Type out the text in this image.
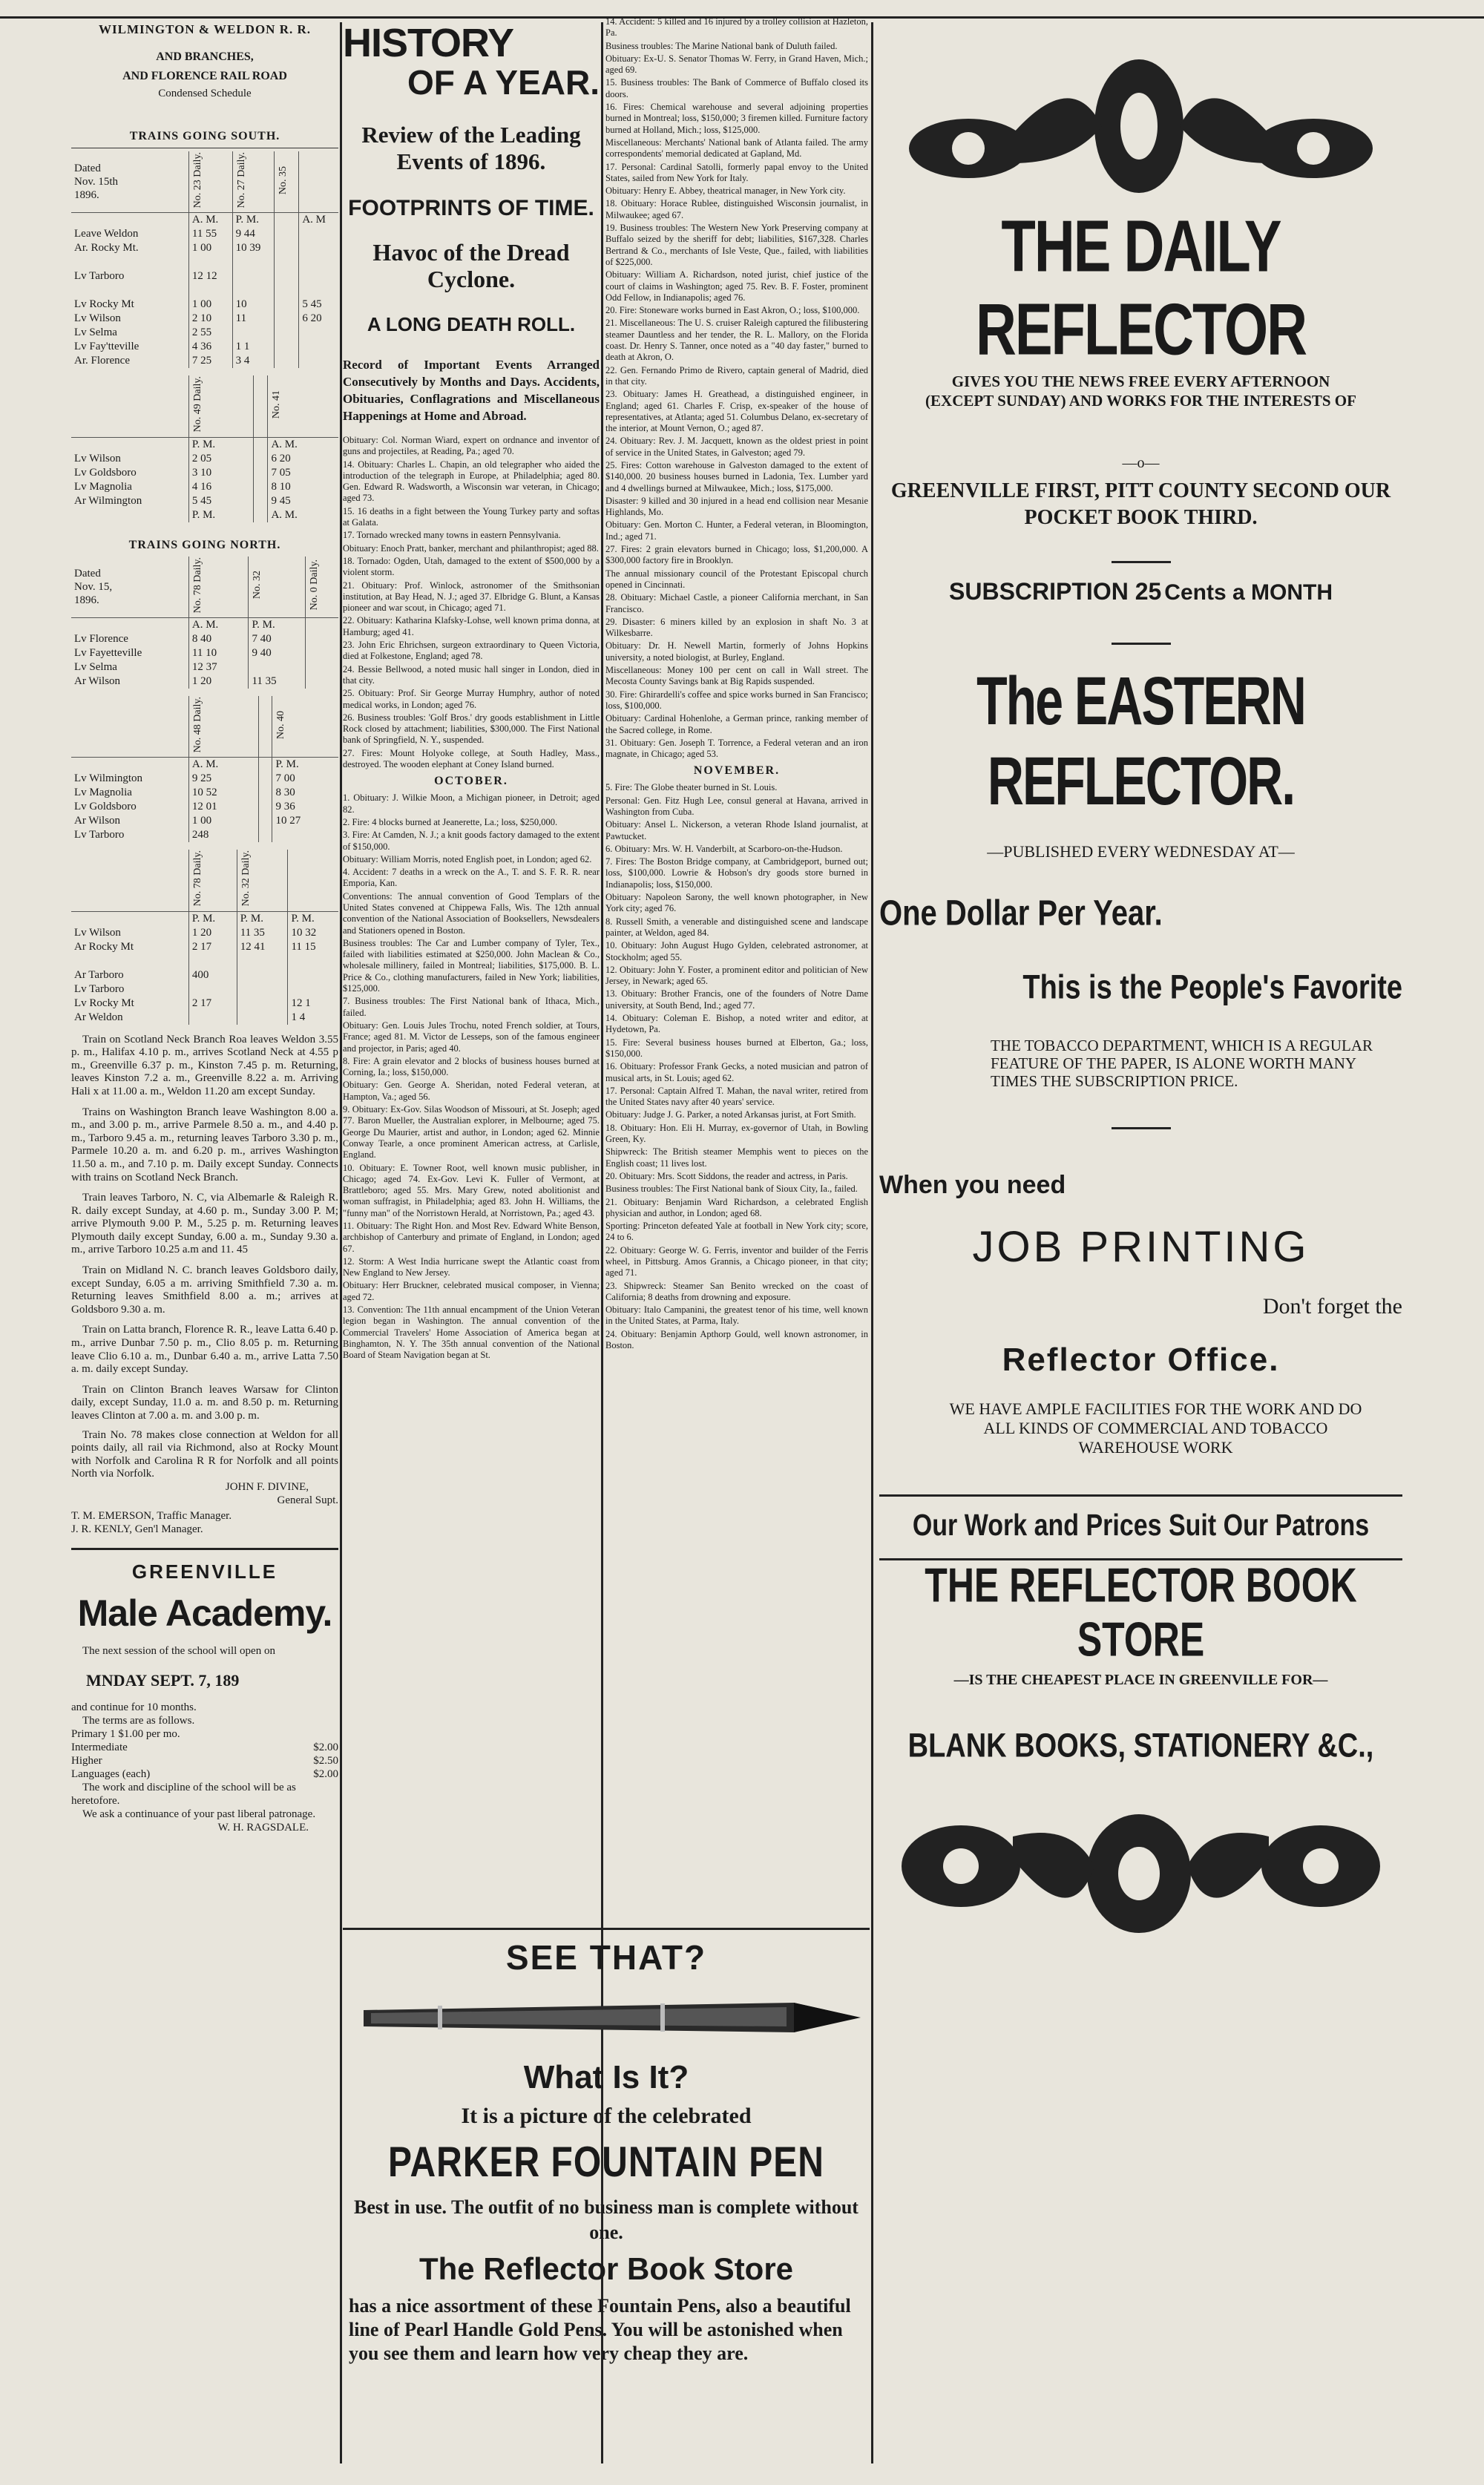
WILMINGTON & WELDON R. R.
AND BRANCHES,
AND FLORENCE RAIL ROAD
Condensed Schedule
TRAINS GOING SOUTH.
Dated
Nov. 15th
1896.	No. 23 Daily.	No. 27 Daily.	No. 35	
	A. M.	P. M.		A. M
Leave Weldon	11 55	9 44		
Ar. Rocky Mt.	1 00	10 39		

Lv Tarboro	12 12			

Lv Rocky Mt	1 00	10		5 45
Lv Wilson	2 10	11		6 20
Lv Selma	2 55			
Lv Fay'tteville	4 36	1 1		
Ar. Florence	7 25	3 4		
	No. 49 Daily.		No. 41
	P. M.		A. M.
Lv Wilson	2 05		6 20
Lv Goldsboro	3 10		7 05
Lv Magnolia	4 16		8 10
Ar Wilmington	5 45		9 45
	P. M.		A. M.
TRAINS GOING NORTH.
Dated
Nov. 15,
1896.	No. 78 Daily.	No. 32	No. 0 Daily.
	A. M.	P. M.	
Lv Florence	8 40	7 40	
Lv Fayetteville	11 10	9 40	
Lv Selma	12 37		
Ar Wilson	1 20	11 35	
	No. 48 Daily.		No. 40
	A. M.		P. M.
Lv Wilmington	9 25		7 00
Lv Magnolia	10 52		8 30
Lv Goldsboro	12 01		9 36
Ar Wilson	1 00		10 27
Lv Tarboro	248		
	No. 78 Daily.	No. 32 Daily.	
	P. M.	P. M.	P. M.
Lv Wilson	1 20	11 35	10 32
Ar Rocky Mt	2 17	12 41	11 15

Ar Tarboro	400		
Lv Tarboro			
Lv Rocky Mt	2 17		12 1
Ar Weldon			1 4

Train on Scotland Neck Branch Roa leaves Weldon 3.55 p. m., Halifax 4.10 p. m., arrives Scotland Neck at 4.55 p m., Greenville 6.37 p. m., Kinston 7.45 p. m. Returning, leaves Kinston 7.2 a. m., Greenville 8.22 a. m. Arriving Hali x at 11.00 a. m., Weldon 11.20 am except Sunday.

Trains on Washington Branch leave Washington 8.00 a. m., and 3.00 p. m., arrive Parmele 8.50 a. m., and 4.40 p. m., Tarboro 9.45 a. m., returning leaves Tarboro 3.30 p. m., Parmele 10.20 a. m. and 6.20 p. m., arrives Washington 11.50 a. m., and 7.10 p. m. Daily except Sunday. Connects with trains on Scotland Neck Branch.

Train leaves Tarboro, N. C, via Albemarle & Raleigh R. R. daily except Sunday, at 4.60 p. m., Sunday 3.00 P. M; arrive Plymouth 9.00 P. M., 5.25 p. m. Returning leaves Plymouth daily except Sunday, 6.00 a. m., Sunday 9.30 a. m., arrive Tarboro 10.25 a.m and 11. 45

Train on Midland N. C. branch leaves Goldsboro daily, except Sunday, 6.05 a m. arriving Smithfield 7.30 a. m. Returning leaves Smithfield 8.00 a. m.; arrives at Goldsboro 9.30 a. m.

Train on Latta branch, Florence R. R., leave Latta 6.40 p. m., arrive Dunbar 7.50 p. m., Clio 8.05 p. m. Returning leave Clio 6.10 a. m., Dunbar 6.40 a. m., arrive Latta 7.50 a. m. daily except Sunday.

Train on Clinton Branch leaves Warsaw for Clinton daily, except Sunday, 11.0 a. m. and 8.50 p. m. Returning leaves Clinton at 7.00 a. m. and 3.00 p. m.

Train No. 78 makes close connection at Weldon for all points daily, all rail via Richmond, also at Rocky Mount with Norfolk and Carolina R R for Norfolk and all points North via Norfolk.

JOHN F. DIVINE,

General Supt.

T. M. EMERSON, Traffic Manager.

J. R. KENLY, Gen'l Manager.

GREENVILLE
Male Academy.
The next session of the school will open on
MNDAY SEPT. 7, 189

and continue for 10 months.

The terms are as follows.

Primary 1 $1.00 per mo.
Intermediate	$2.00
Higher	$2.50
Languages (each)	$2.00

The work and discipline of the school will be as heretofore.

We ask a continuance of your past liberal patronage.

W. H. RAGSDALE.

HISTORY
OF A YEAR.
Review of the Leading Events of 1896.
FOOTPRINTS OF TIME.
Havoc of the Dread Cyclone.
A LONG DEATH ROLL.
Record of Important Events Arranged Consecutively by Months and Days. Accidents, Obituaries, Conflagrations and Miscellaneous Happenings at Home and Abroad.

Obituary: Col. Norman Wiard, expert on ordnance and inventor of guns and projectiles, at Reading, Pa.; aged 70.

14. Obituary: Charles L. Chapin, an old telegrapher who aided the introduction of the telegraph in Europe, at Philadelphia; aged 80. Gen. Edward R. Wadsworth, a Wisconsin war veteran, in Chicago; aged 73.

15. 16 deaths in a fight between the Young Turkey party and softas at Galata.

17. Tornado wrecked many towns in eastern Pennsylvania.

Obituary: Enoch Pratt, banker, merchant and philanthropist; aged 88.

18. Tornado: Ogden, Utah, damaged to the extent of $500,000 by a violent storm.

21. Obituary: Prof. Winlock, astronomer of the Smithsonian institution, at Bay Head, N. J.; aged 37. Elbridge G. Blunt, a Kansas pioneer and war scout, in Chicago; aged 71.

22. Obituary: Katharina Klafsky-Lohse, well known prima donna, at Hamburg; aged 41.

23. John Eric Ehrichsen, surgeon extraordinary to Queen Victoria, died at Folkestone, England; aged 78.

24. Bessie Bellwood, a noted music hall singer in London, died in that city.

25. Obituary: Prof. Sir George Murray Humphry, author of noted medical works, in London; aged 76.

26. Business troubles: 'Golf Bros.' dry goods establishment in Little Rock closed by attachment; liabilities, $300,000. The First National bank of Springfield, N. Y., suspended.

27. Fires: Mount Holyoke college, at South Hadley, Mass., destroyed. The wooden elephant at Coney Island burned.

OCTOBER.

1. Obituary: J. Wilkie Moon, a Michigan pioneer, in Detroit; aged 82.

2. Fire: 4 blocks burned at Jeanerette, La.; loss, $250,000.

3. Fire: At Camden, N. J.; a knit goods factory damaged to the extent of $150,000.

Obituary: William Morris, noted English poet, in London; aged 62.

4. Accident: 7 deaths in a wreck on the A., T. and S. F. R. R. near Emporia, Kan.

Conventions: The annual convention of Good Templars of the United States convened at Chippewa Falls, Wis. The 12th annual convention of the National Association of Booksellers, Newsdealers and Stationers opened in Boston.

Business troubles: The Car and Lumber company of Tyler, Tex., failed with liabilities estimated at $250,000. John Maclean & Co., wholesale millinery, failed in Montreal; liabilities, $175,000. B. L. Price & Co., clothing manufacturers, failed in New York; liabilities, $125,000.

7. Business troubles: The First National bank of Ithaca, Mich., failed.

Obituary: Gen. Louis Jules Trochu, noted French soldier, at Tours, France; aged 81. M. Victor de Lesseps, son of the famous engineer and projector, in Paris; aged 40.

8. Fire: A grain elevator and 2 blocks of business houses burned at Corning, Ia.; loss, $150,000.

Obituary: Gen. George A. Sheridan, noted Federal veteran, at Hampton, Va.; aged 56.

9. Obituary: Ex-Gov. Silas Woodson of Missouri, at St. Joseph; aged 77. Baron Mueller, the Australian explorer, in Melbourne; aged 75. George Du Maurier, artist and author, in London; aged 62. Minnie Conway Tearle, a once prominent American actress, at Carlisle, England.

10. Obituary: E. Towner Root, well known music publisher, in Chicago; aged 74. Ex-Gov. Levi K. Fuller of Vermont, at Brattleboro; aged 55. Mrs. Mary Grew, noted abolitionist and woman suffragist, in Philadelphia; aged 83. John H. Williams, the "funny man" of the Norristown Herald, at Norristown, Pa.; aged 43.

11. Obituary: The Right Hon. and Most Rev. Edward White Benson, archbishop of Canterbury and primate of England, in London; aged 67.

12. Storm: A West India hurricane swept the Atlantic coast from New England to New Jersey.

Obituary: Herr Bruckner, celebrated musical composer, in Vienna; aged 72.

13. Convention: The 11th annual encampment of the Union Veteran legion began in Washington. The annual convention of the Commercial Travelers' Home Association of America began at Binghamton, N. Y. The 35th annual convention of the National Board of Steam Navigation began at St.

14. Accident: 5 killed and 16 injured by a trolley collision at Hazleton, Pa.

Business troubles: The Marine National bank of Duluth failed.

Obituary: Ex-U. S. Senator Thomas W. Ferry, in Grand Haven, Mich.; aged 69.

15. Business troubles: The Bank of Commerce of Buffalo closed its doors.

16. Fires: Chemical warehouse and several adjoining properties burned in Montreal; loss, $150,000; 3 firemen killed. Furniture factory burned at Holland, Mich.; loss, $125,000.

Miscellaneous: Merchants' National bank of Atlanta failed. The army correspondents' memorial dedicated at Gapland, Md.

17. Personal: Cardinal Satolli, formerly papal envoy to the United States, sailed from New York for Italy.

Obituary: Henry E. Abbey, theatrical manager, in New York city.

18. Obituary: Horace Rublee, distinguished Wisconsin journalist, in Milwaukee; aged 67.

19. Business troubles: The Western New York Preserving company at Buffalo seized by the sheriff for debt; liabilities, $167,328. Charles Bertrand & Co., merchants of Isle Veste, Que., failed, with liabilities of $225,000.

Obituary: William A. Richardson, noted jurist, chief justice of the court of claims in Washington; aged 75. Rev. B. F. Foster, prominent Odd Fellow, in Indianapolis; aged 76.

20. Fire: Stoneware works burned in East Akron, O.; loss, $100,000.

21. Miscellaneous: The U. S. cruiser Raleigh captured the filibustering steamer Dauntless and her tender, the R. L. Mallory, on the Florida coast. Dr. Henry S. Tanner, once noted as a "40 day faster," burned to death at Akron, O.

22. Gen. Fernando Primo de Rivero, captain general of Madrid, died in that city.

23. Obituary: James H. Greathead, a distinguished engineer, in England; aged 61. Charles F. Crisp, ex-speaker of the house of representatives, at Atlanta; aged 51. Columbus Delano, ex-secretary of the interior, at Mount Vernon, O.; aged 87.

24. Obituary: Rev. J. M. Jacquett, known as the oldest priest in point of service in the United States, in Galveston; aged 79.

25. Fires: Cotton warehouse in Galveston damaged to the extent of $140,000. 20 business houses burned in Ladonia, Tex. Lumber yard and 4 dwellings burned at Milwaukee, Mich.; loss, $175,000.

Disaster: 9 killed and 30 injured in a head end collision near Mesanie Highlands, Mo.

Obituary: Gen. Morton C. Hunter, a Federal veteran, in Bloomington, Ind.; aged 71.

27. Fires: 2 grain elevators burned in Chicago; loss, $1,200,000. A $300,000 factory fire in Brooklyn.

The annual missionary council of the Protestant Episcopal church opened in Cincinnati.

28. Obituary: Michael Castle, a pioneer California merchant, in San Francisco.

29. Disaster: 6 miners killed by an explosion in shaft No. 3 at Wilkesbarre.

Obituary: Dr. H. Newell Martin, formerly of Johns Hopkins university, a noted biologist, at Burley, England.

Miscellaneous: Money 100 per cent on call in Wall street. The Mecosta County Savings bank at Big Rapids suspended.

30. Fire: Ghirardelli's coffee and spice works burned in San Francisco; loss, $100,000.

Obituary: Cardinal Hohenlohe, a German prince, ranking member of the Sacred college, in Rome.

31. Obituary: Gen. Joseph T. Torrence, a Federal veteran and an iron magnate, in Chicago; aged 53.

NOVEMBER.

5. Fire: The Globe theater burned in St. Louis.

Personal: Gen. Fitz Hugh Lee, consul general at Havana, arrived in Washington from Cuba.

Obituary: Ansel L. Nickerson, a veteran Rhode Island journalist, at Pawtucket.

6. Obituary: Mrs. W. H. Vanderbilt, at Scarboro-on-the-Hudson.

7. Fires: The Boston Bridge company, at Cambridgeport, burned out; loss, $100,000. Lowrie & Hobson's dry goods store burned in Indianapolis; loss, $150,000.

Obituary: Napoleon Sarony, the well known photographer, in New York city; aged 76.

8. Russell Smith, a venerable and distinguished scene and landscape painter, at Weldon, aged 84.

10. Obituary: John August Hugo Gylden, celebrated astronomer, at Stockholm; aged 55.

12. Obituary: John Y. Foster, a prominent editor and politician of New Jersey, in Newark; aged 65.

13. Obituary: Brother Francis, one of the founders of Notre Dame university, at South Bend, Ind.; aged 77.

14. Obituary: Coleman E. Bishop, a noted writer and editor, at Hydetown, Pa.

15. Fire: Several business houses burned at Elberton, Ga.; loss, $150,000.

16. Obituary: Professor Frank Gecks, a noted musician and patron of musical arts, in St. Louis; aged 62.

17. Personal: Captain Alfred T. Mahan, the naval writer, retired from the United States navy after 40 years' service.

Obituary: Judge J. G. Parker, a noted Arkansas jurist, at Fort Smith.

18. Obituary: Hon. Eli H. Murray, ex-governor of Utah, in Bowling Green, Ky.

Shipwreck: The British steamer Memphis went to pieces on the English coast; 11 lives lost.

20. Obituary: Mrs. Scott Siddons, the reader and actress, in Paris.

Business troubles: The First National bank of Sioux City, Ia., failed.

21. Obituary: Benjamin Ward Richardson, a celebrated English physician and author, in London; aged 68.

Sporting: Princeton defeated Yale at football in New York city; score, 24 to 6.

22. Obituary: George W. G. Ferris, inventor and builder of the Ferris wheel, in Pittsburg. Amos Grannis, a Chicago pioneer, in that city; aged 71.

23. Shipwreck: Steamer San Benito wrecked on the coast of California; 8 deaths from drowning and exposure.

Obituary: Italo Campanini, the greatest tenor of his time, well known in the United States, at Parma, Italy.

24. Obituary: Benjamin Apthorp Gould, well known astronomer, in Boston.

SEE THAT?
What Is It?
It is a picture of the celebrated
PARKER FOUNTAIN PEN
Best in use. The outfit of no business man is complete without one.
The Reflector Book Store
has a nice assortment of these Fountain Pens, also a beautiful line of Pearl Handle Gold Pens. You will be astonished when you see them and learn how very cheap they are.
THE DAILY REFLECTOR
GIVES YOU THE NEWS FREE EVERY AFTERNOON (EXCEPT SUNDAY) AND WORKS FOR THE INTERESTS OF
—o—
GREENVILLE FIRST, PITT COUNTY SECOND OUR POCKET BOOK THIRD.
SUBSCRIPTION 25 Cents a MONTH
The EASTERN REFLECTOR.
—PUBLISHED EVERY WEDNESDAY AT—
One Dollar Per Year.
This is the People's Favorite
THE TOBACCO DEPARTMENT, WHICH IS A REGULAR FEATURE OF THE PAPER, IS ALONE WORTH MANY TIMES THE SUBSCRIPTION PRICE.
When you need
JOB PRINTING
Don't forget the
Reflector Office.
WE HAVE AMPLE FACILITIES FOR THE WORK AND DO ALL KINDS OF COMMERCIAL AND TOBACCO WAREHOUSE WORK
Our Work and Prices Suit Our Patrons
THE REFLECTOR BOOK STORE
—IS THE CHEAPEST PLACE IN GREENVILLE FOR—
BLANK BOOKS, STATIONERY &C.,
